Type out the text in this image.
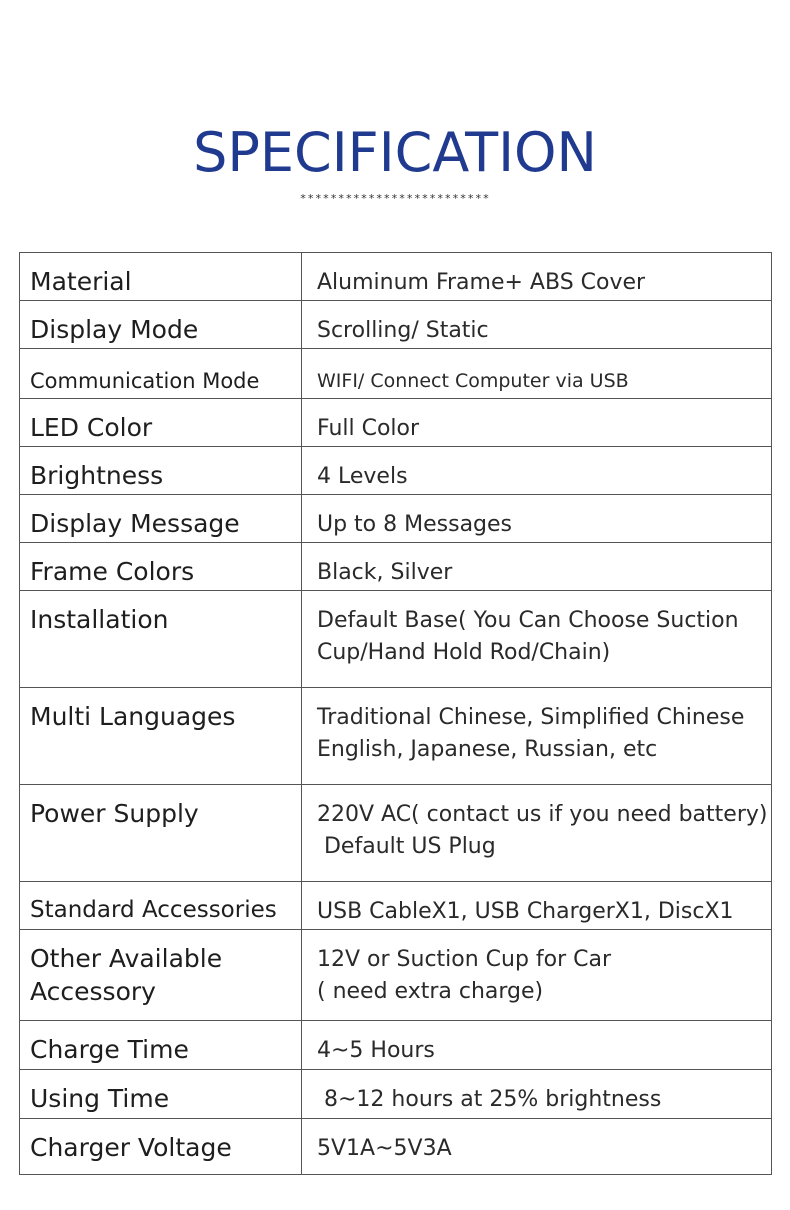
SPECIFICATION
*************************
Material	Aluminum Frame+ ABS Cover

Display Mode	Scrolling/ Static

Communication Mode	WIFI/ Connect Computer via USB

LED Color	Full Color

Brightness	4 Levels

Display Message	Up to 8 Messages

Frame Colors	Black, Silver

Installation	Default Base( You Can Choose Suction
Cup/Hand Hold Rod/Chain)

Multi Languages	Traditional Chinese, Simplified Chinese
English, Japanese, Russian, etc

Power Supply	220V AC( contact us if you need battery)
Default US Plug

Standard Accessories	USB CableX1, USB ChargerX1, DiscX1

Other Available
Accessory	12V or Suction Cup for Car
( need extra charge)

Charge Time	4~5 Hours

Using Time	8~12 hours at 25% brightness

Charger Voltage	5V1A~5V3A
